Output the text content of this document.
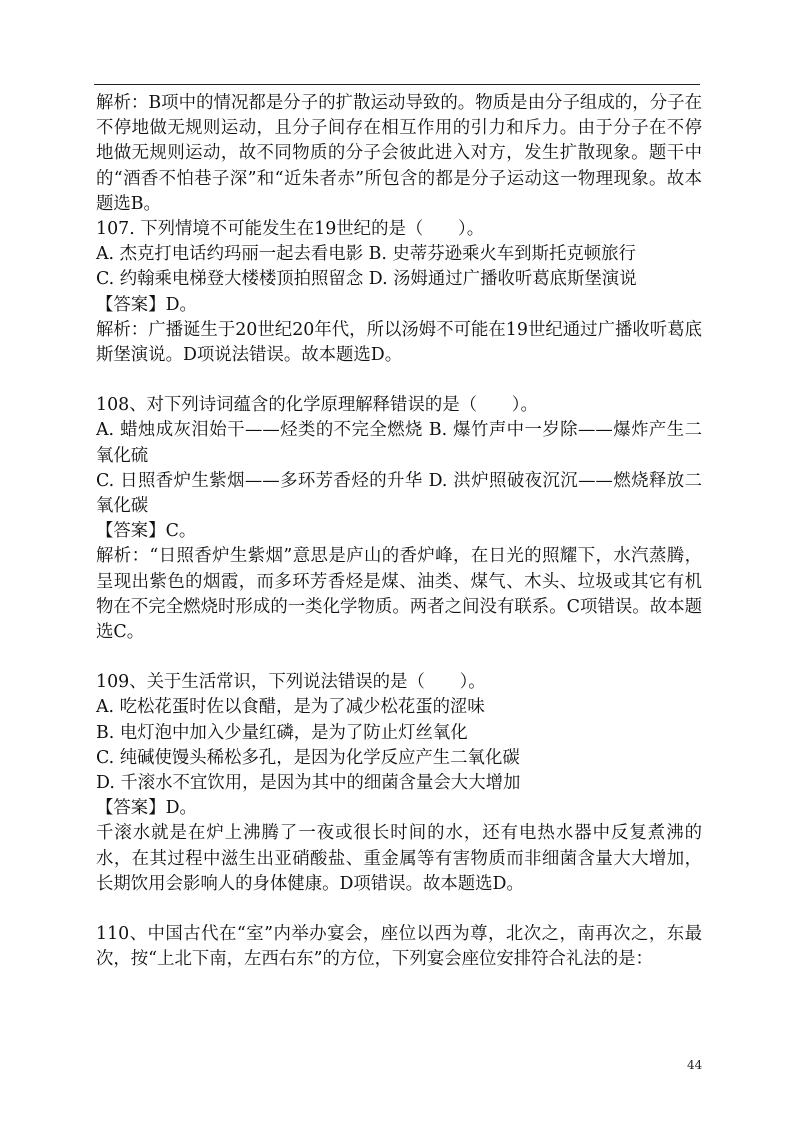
解析：B项中的情况都是分子的扩散运动导致的。物质是由分子组成的，分子在不停地做无规则运动，且分子间存在相互作用的引力和斥力。由于分子在不停地做无规则运动，故不同物质的分子会彼此进入对方，发生扩散现象。题干中的“酒香不怕巷子深”和“近朱者赤”所包含的都是分子运动这一物理现象。故本题选B。

107. 下列情境不可能发生在19世纪的是（　　）。

A. 杰克打电话约玛丽一起去看电影 B. 史蒂芬逊乘火车到斯托克顿旅行

C. 约翰乘电梯登大楼楼顶拍照留念 D. 汤姆通过广播收听葛底斯堡演说

【答案】D。

解析：广播诞生于20世纪20年代，所以汤姆不可能在19世纪通过广播收听葛底斯堡演说。D项说法错误。故本题选D。

108、对下列诗词蕴含的化学原理解释错误的是（　　）。

A. 蜡烛成灰泪始干——烃类的不完全燃烧 B. 爆竹声中一岁除——爆炸产生二氧化硫

C. 日照香炉生紫烟——多环芳香烃的升华 D. 洪炉照破夜沉沉——燃烧释放二氧化碳

【答案】C。

解析：“日照香炉生紫烟”意思是庐山的香炉峰，在日光的照耀下，水汽蒸腾，呈现出紫色的烟霞，而多环芳香烃是煤、油类、煤气、木头、垃圾或其它有机物在不完全燃烧时形成的一类化学物质。两者之间没有联系。C项错误。故本题选C。

109、关于生活常识，下列说法错误的是（　　）。

A. 吃松花蛋时佐以食醋，是为了减少松花蛋的涩味

B. 电灯泡中加入少量红磷，是为了防止灯丝氧化

C. 纯碱使馒头稀松多孔，是因为化学反应产生二氧化碳

D. 千滚水不宜饮用，是因为其中的细菌含量会大大增加

【答案】D。

千滚水就是在炉上沸腾了一夜或很长时间的水，还有电热水器中反复煮沸的水，在其过程中滋生出亚硝酸盐、重金属等有害物质而非细菌含量大大增加，长期饮用会影响人的身体健康。D项错误。故本题选D。

110、中国古代在“室”内举办宴会，座位以西为尊，北次之，南再次之，东最次，按“上北下南，左西右东”的方位，下列宴会座位安排符合礼法的是：

44
